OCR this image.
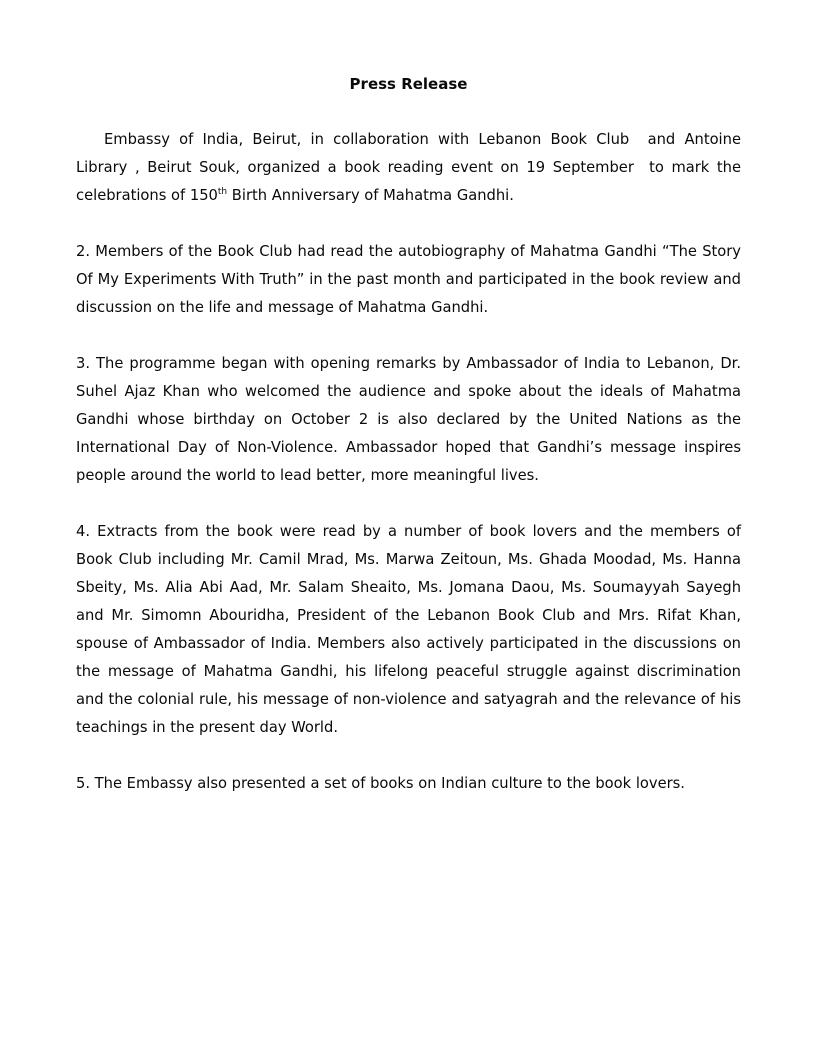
Press Release

Embassy of India, Beirut, in collaboration with Lebanon Book Club  and Antoine Library , Beirut Souk, organized a book reading event on 19 September  to mark the celebrations of 150th Birth Anniversary of Mahatma Gandhi.

2. Members of the Book Club had read the autobiography of Mahatma Gandhi “The Story Of My Experiments With Truth” in the past month and participated in the book review and discussion on the life and message of Mahatma Gandhi.

3. The programme began with opening remarks by Ambassador of India to Lebanon, Dr. Suhel Ajaz Khan who welcomed the audience and spoke about the ideals of Mahatma Gandhi whose birthday on October 2 is also declared by the United Nations as the International Day of Non-Violence. Ambassador hoped that Gandhi’s message inspires people around the world to lead better, more meaningful lives.

4. Extracts from the book were read by a number of book lovers and the members of Book Club including Mr. Camil Mrad, Ms. Marwa Zeitoun, Ms. Ghada Moodad, Ms. Hanna Sbeity, Ms. Alia Abi Aad, Mr. Salam Sheaito, Ms. Jomana Daou, Ms. Soumayyah Sayegh and Mr. Simomn Abouridha, President of the Lebanon Book Club and Mrs. Rifat Khan, spouse of Ambassador of India. Members also actively participated in the discussions on the message of Mahatma Gandhi, his lifelong peaceful struggle against discrimination and the colonial rule, his message of non-violence and satyagrah and the relevance of his teachings in the present day World.

5. The Embassy also presented a set of books on Indian culture to the book lovers.
